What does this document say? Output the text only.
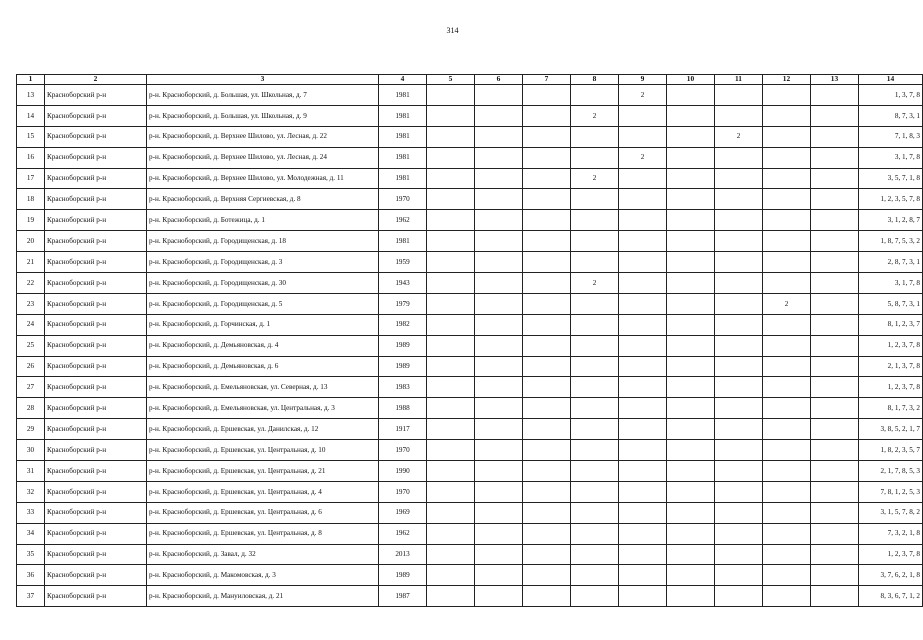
314
1	2	3	4	5	6	7	8	9	10	11	12	13	14
13	Красноборский р-н	р-н. Красноборский, д. Большая, ул. Школьная, д. 7	1981					2					1, 3, 7, 8
14	Красноборский р-н	р-н. Красноборский, д. Большая, ул. Школьная, д. 9	1981				2						8, 7, 3, 1
15	Красноборский р-н	р-н. Красноборский, д. Верхнее Шилово, ул. Лесная, д. 22	1981							2			7, 1, 8, 3
16	Красноборский р-н	р-н. Красноборский, д. Верхнее Шилово, ул. Лесная, д. 24	1981					2					3, 1, 7, 8
17	Красноборский р-н	р-н. Красноборский, д. Верхнее Шилово, ул. Молодежная, д. 11	1981				2						3, 5, 7, 1, 8
18	Красноборский р-н	р-н. Красноборский, д. Верхняя Сергиевская, д. 8	1970										1, 2, 3, 5, 7, 8
19	Красноборский р-н	р-н. Красноборский, д. Ботежица, д. 1	1962										3, 1, 2, 8, 7
20	Красноборский р-н	р-н. Красноборский, д. Городищенская, д. 18	1981										1, 8, 7, 5, 3, 2
21	Красноборский р-н	р-н. Красноборский, д. Городищенская, д. 3	1959										2, 8, 7, 3, 1
22	Красноборский р-н	р-н. Красноборский, д. Городищенская, д. 30	1943				2						3, 1, 7, 8
23	Красноборский р-н	р-н. Красноборский, д. Городищенская, д. 5	1979								2		5, 8, 7, 3, 1
24	Красноборский р-н	р-н. Красноборский, д. Горчинская, д. 1	1982										8, 1, 2, 3, 7
25	Красноборский р-н	р-н. Красноборский, д. Демьяновская, д. 4	1989										1, 2, 3, 7, 8
26	Красноборский р-н	р-н. Красноборский, д. Демьяновская, д. 6	1989										2, 1, 3, 7, 8
27	Красноборский р-н	р-н. Красноборский, д. Емельяновская, ул. Северная, д. 13	1983										1, 2, 3, 7, 8
28	Красноборский р-н	р-н. Красноборский, д. Емельяновская, ул. Центральная, д. 3	1988										8, 1, 7, 3, 2
29	Красноборский р-н	р-н. Красноборский, д. Ершевская, ул. Данилская, д. 12	1917										3, 8, 5, 2, 1, 7
30	Красноборский р-н	р-н. Красноборский, д. Ершевская, ул. Центральная, д. 10	1970										1, 8, 2, 3, 5, 7
31	Красноборский р-н	р-н. Красноборский, д. Ершевская, ул. Центральная, д. 21	1990										2, 1, 7, 8, 5, 3
32	Красноборский р-н	р-н. Красноборский, д. Ершевская, ул. Центральная, д. 4	1970										7, 8, 1, 2, 5, 3
33	Красноборский р-н	р-н. Красноборский, д. Ершевская, ул. Центральная, д. 6	1969										3, 1, 5, 7, 8, 2
34	Красноборский р-н	р-н. Красноборский, д. Ершевская, ул. Центральная, д. 8	1962										7, 3, 2, 1, 8
35	Красноборский р-н	р-н. Красноборский, д. Завал, д. 32	2013										1, 2, 3, 7, 8
36	Красноборский р-н	р-н. Красноборский, д. Макомовская, д. 3	1989										3, 7, 6, 2, 1, 8
37	Красноборский р-н	р-н. Красноборский, д. Мануиловская, д. 21	1987										8, 3, 6, 7, 1, 2
